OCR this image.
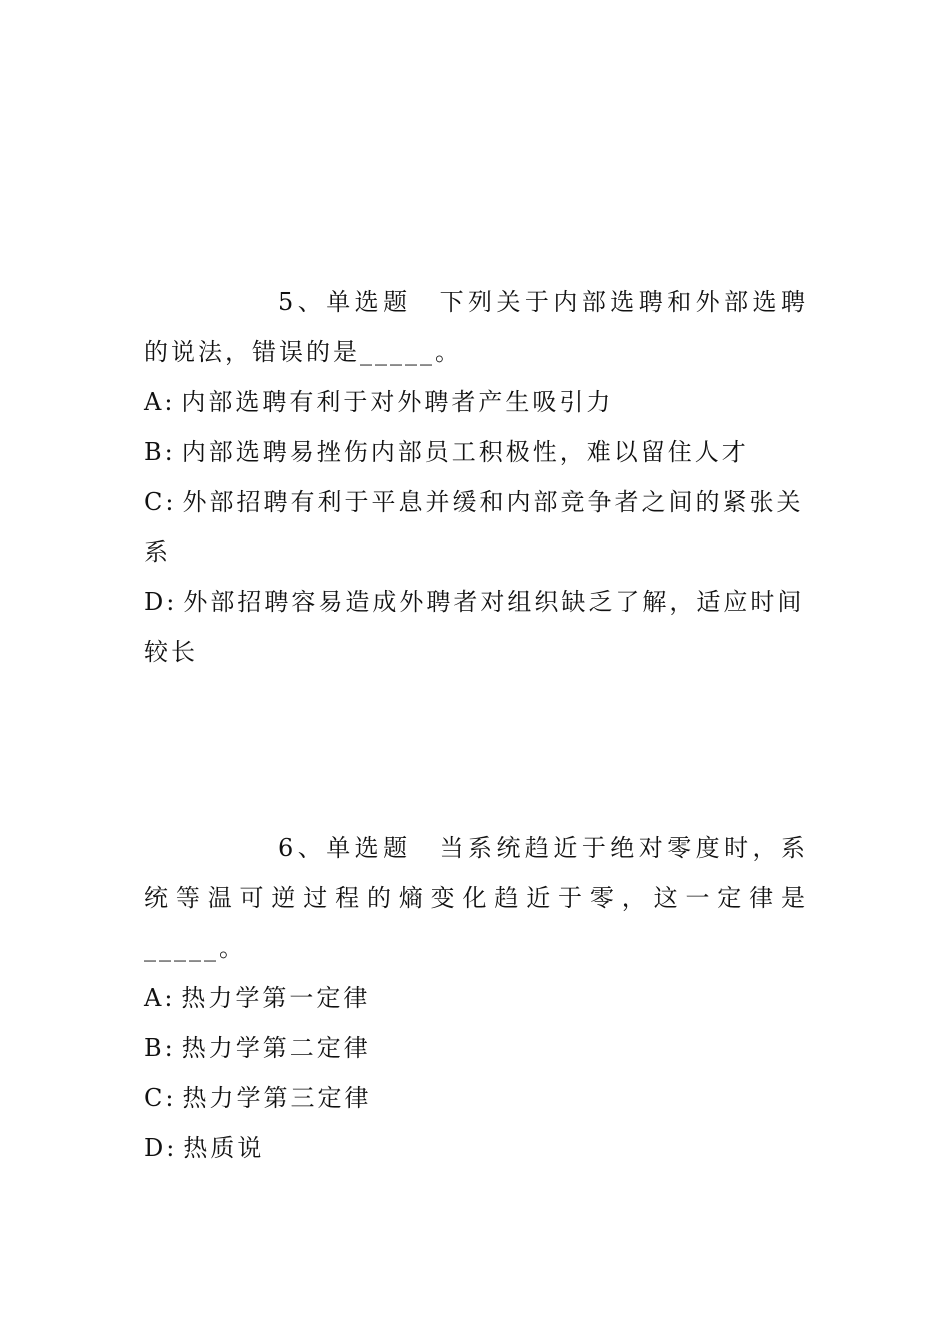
5、单选题 下列关于内部选聘和外部选聘的说法，错误的是_____。

A: 内部选聘有利于对外聘者产生吸引力

B: 内部选聘易挫伤内部员工积极性，难以留住人才

C: 外部招聘有利于平息并缓和内部竞争者之间的紧张关系

D: 外部招聘容易造成外聘者对组织缺乏了解，适应时间较长

6、单选题 当系统趋近于绝对零度时，系统等温可逆过程的熵变化趋近于零，这一定律是_____。

A: 热力学第一定律

B: 热力学第二定律

C: 热力学第三定律

D: 热质说
